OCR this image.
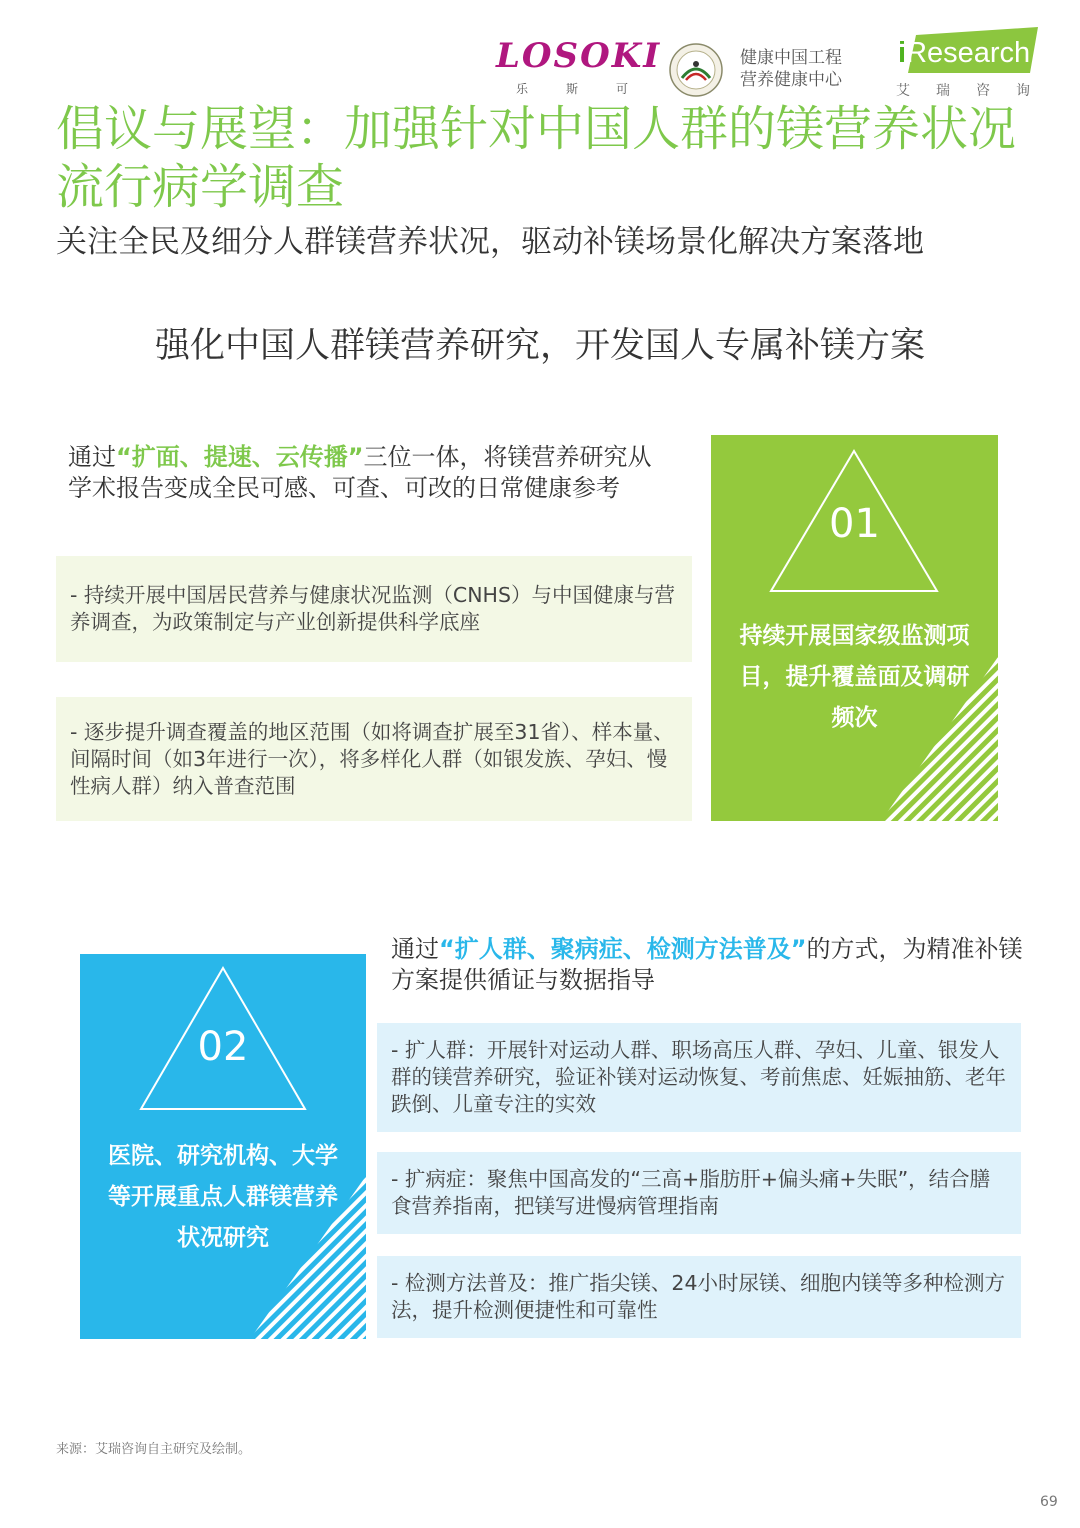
LOSOKI
乐斯可
健康中国工程
营养健康中心
iResearch
艾瑞咨询
倡议与展望：加强针对中国人群的镁营养状况流行病学调查
关注全民及细分人群镁营养状况，驱动补镁场景化解决方案落地
强化中国人群镁营养研究，开发国人专属补镁方案
通过“扩面、提速、云传播”三位一体，将镁营养研究从学术报告变成全民可感、可查、可改的日常健康参考
- 持续开展中国居民营养与健康状况监测（CNHS）与中国健康与营养调查，为政策制定与产业创新提供科学底座
- 逐步提升调查覆盖的地区范围（如将调查扩展至31省）、样本量、间隔时间（如3年进行一次），将多样化人群（如银发族、孕妇、慢性病人群）纳入普查范围
01
持续开展国家级监测项目，提升覆盖面及调研频次
02
医院、研究机构、大学等开展重点人群镁营养状况研究
通过“扩人群、聚病症、检测方法普及”的方式，为精准补镁方案提供循证与数据指导
- 扩人群：开展针对运动人群、职场高压人群、孕妇、儿童、银发人群的镁营养研究，验证补镁对运动恢复、考前焦虑、妊娠抽筋、老年跌倒、儿童专注的实效
- 扩病症：聚焦中国高发的“三高+脂肪肝+偏头痛+失眠”，结合膳食营养指南，把镁写进慢病管理指南
- 检测方法普及：推广指尖镁、24小时尿镁、细胞内镁等多种检测方法，提升检测便捷性和可靠性
来源：艾瑞咨询自主研究及绘制。
69
